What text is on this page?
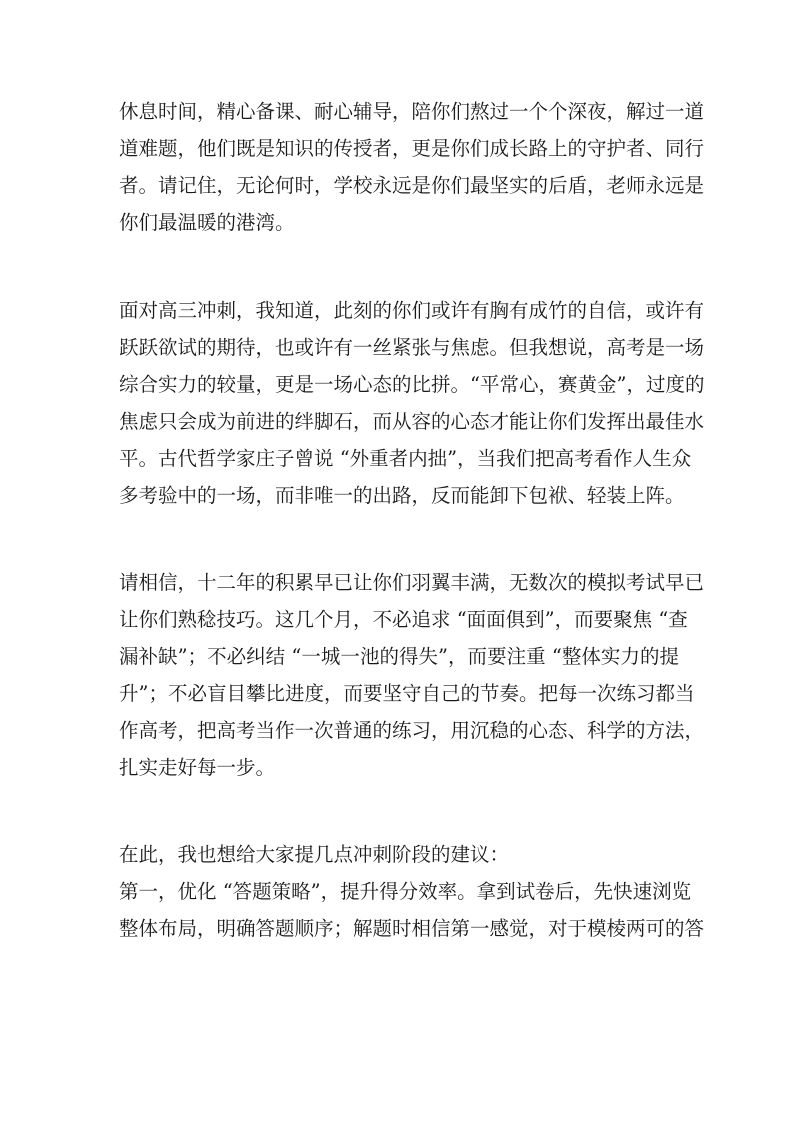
休息时间，精心备课、耐心辅导，陪你们熬过一个个深夜，解过一道
道难题，他们既是知识的传授者，更是你们成长路上的守护者、同行
者。请记住，无论何时，学校永远是你们最坚实的后盾，老师永远是
你们最温暖的港湾。
面对高三冲刺，我知道，此刻的你们或许有胸有成竹的自信，或许有
跃跃欲试的期待，也或许有一丝紧张与焦虑。但我想说，高考是一场
综合实力的较量，更是一场心态的比拼。“平常心，赛黄金”，过度的
焦虑只会成为前进的绊脚石，而从容的心态才能让你们发挥出最佳水
平。古代哲学家庄子曾说 “外重者内拙”，当我们把高考看作人生众
多考验中的一场，而非唯一的出路，反而能卸下包袱、轻装上阵。
请相信，十二年的积累早已让你们羽翼丰满，无数次的模拟考试早已
让你们熟稔技巧。这几个月，不必追求 “面面俱到”，而要聚焦 “查
漏补缺”；不必纠结 “一城一池的得失”，而要注重 “整体实力的提
升”；不必盲目攀比进度，而要坚守自己的节奏。把每一次练习都当
作高考，把高考当作一次普通的练习，用沉稳的心态、科学的方法，
扎实走好每一步。
在此，我也想给大家提几点冲刺阶段的建议：
第一，优化 “答题策略”，提升得分效率。拿到试卷后，先快速浏览
整体布局，明确答题顺序；解题时相信第一感觉，对于模棱两可的答
